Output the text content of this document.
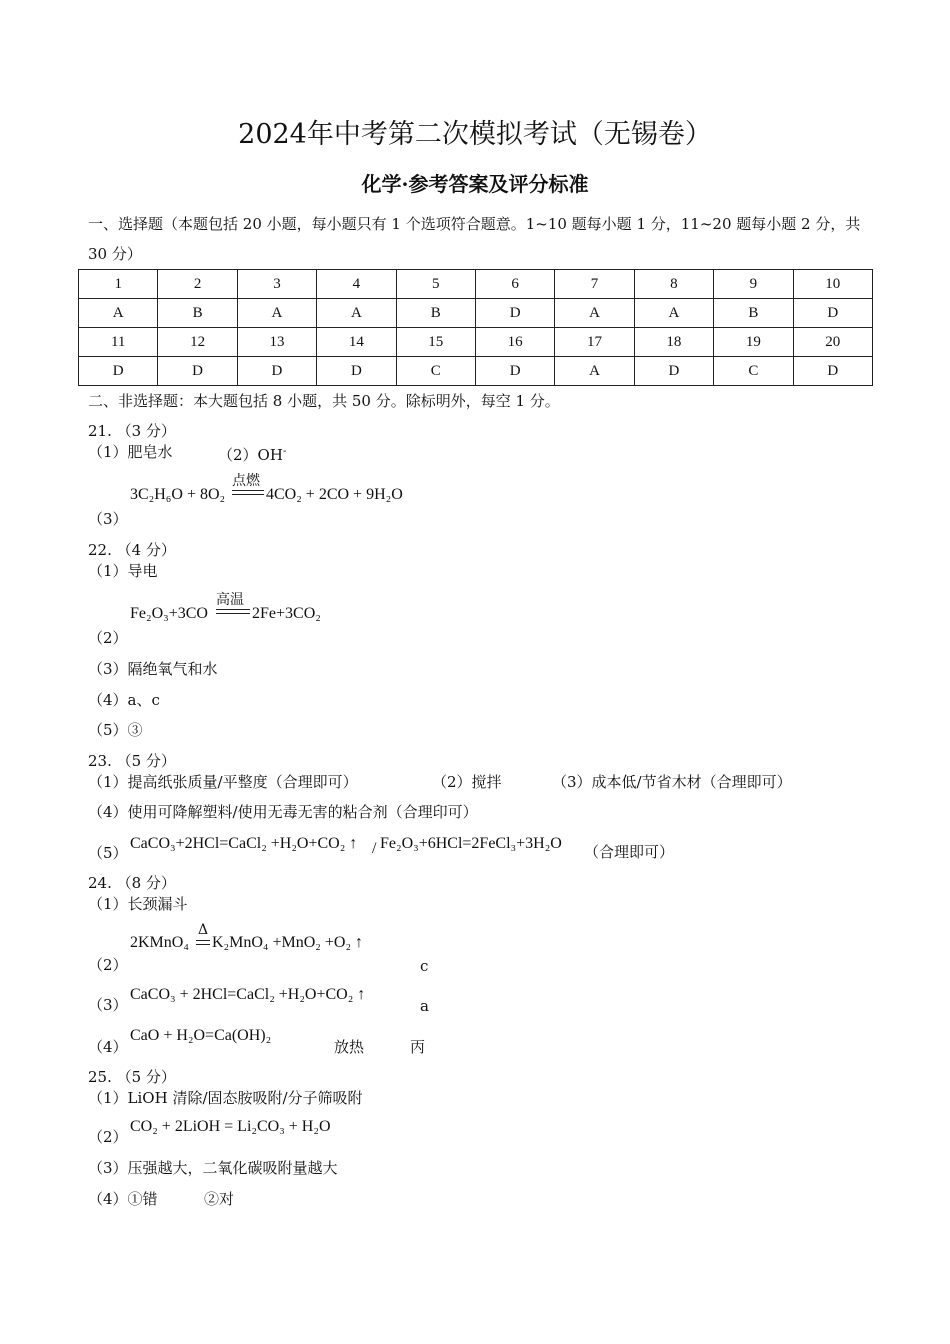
2024年中考第二次模拟考试（无锡卷）
化学·参考答案及评分标准
一、选择题（本题包括 20 小题，每小题只有 1 个选项符合题意。1~10 题每小题 1 分，11~20 题每小题 2 分，共 30 分）
1	2	3	4	5	6	7	8	9	10
A	B	A	A	B	D	A	A	B	D
11	12	13	14	15	16	17	18	19	20
D	D	D	D	C	D	A	D	C	D
二、非选择题：本大题包括 8 小题，共 50 分。除标明外，每空 1 分。
21. （3 分）
（1）肥皂水	（2）OH-
点燃
3C₂H₆O + 8O₂	4CO₂ + 2CO + 9H₂O
（3）
22. （4 分）
（1）导电
高温
Fe₂O₃+3CO	2Fe+3CO₂
（2）
（3）隔绝氧气和水
（4）a、c
（5）③
23. （5 分）
（1）提高纸张质量/平整度（合理即可）	（2）搅拌	（3）成本低/节省木材（合理即可）
（4）使用可降解塑料/使用无毒无害的粘合剂（合理印可）
（5）
CaCO₃+2HCl=CaCl₂ +H₂O+CO₂ ↑ / Fe₂O₃+6HCl=2FeCl₃+3H₂O （合理即可）
24. （8 分）
（1）长颈漏斗
Δ
2KMnO₄ K₂MnO₄ +MnO₂ +O₂ ↑
（2）	c
CaCO₃ + 2HCl=CaCl₂ +H₂O+CO₂ ↑
（3）	a
CaO + H₂O=Ca(OH)₂
（4）	放热	丙
25. （5 分）
（1）LiOH 清除/固态胺吸附/分子筛吸附
CO₂ + 2LiOH = Li₂CO₃ + H₂O
（2）
（3）压强越大，二氧化碳吸附量越大
（4）①错	②对
